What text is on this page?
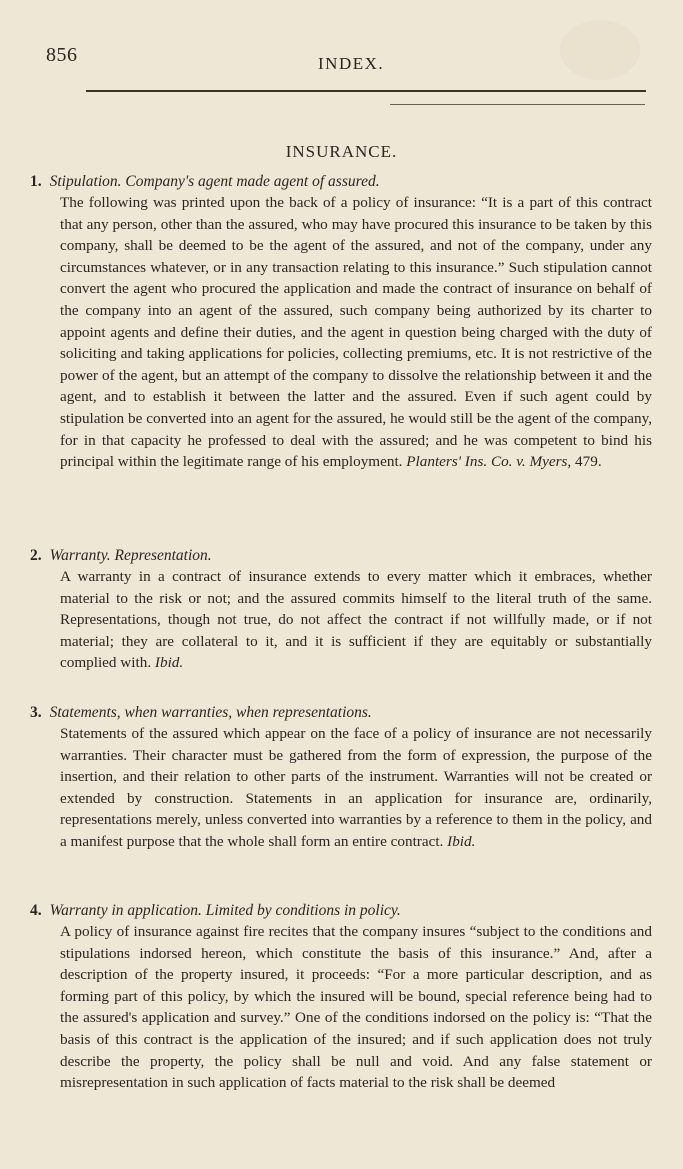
856	INDEX.
INSURANCE.
1. Stipulation. Company's agent made agent of assured.
The following was printed upon the back of a policy of insurance: “It is a part of this contract that any person, other than the assured, who may have procured this insurance to be taken by this company, shall be deemed to be the agent of the assured, and not of the company, under any circumstances whatever, or in any transaction relating to this insurance.” Such stipulation cannot convert the agent who procured the application and made the contract of insurance on behalf of the company into an agent of the assured, such company being authorized by its charter to appoint agents and define their duties, and the agent in question being charged with the duty of soliciting and taking applications for policies, collecting premiums, etc. It is not restrictive of the power of the agent, but an attempt of the company to dissolve the relationship between it and the agent, and to establish it between the latter and the assured. Even if such agent could by stipulation be converted into an agent for the assured, he would still be the agent of the company, for in that capacity he professed to deal with the assured; and he was competent to bind his principal within the legitimate range of his employment. Planters' Ins. Co. v. Myers, 479.
2. Warranty. Representation.
A warranty in a contract of insurance extends to every matter which it embraces, whether material to the risk or not; and the assured commits himself to the literal truth of the same. Representations, though not true, do not affect the contract if not willfully made, or if not material; they are collateral to it, and it is sufficient if they are equitably or substantially complied with. Ibid.
3. Statements, when warranties, when representations.
Statements of the assured which appear on the face of a policy of insurance are not necessarily warranties. Their character must be gathered from the form of expression, the purpose of the insertion, and their relation to other parts of the instrument. Warranties will not be created or extended by construction. Statements in an application for insurance are, ordinarily, representations merely, unless converted into warranties by a reference to them in the policy, and a manifest purpose that the whole shall form an entire contract. Ibid.
4. Warranty in application. Limited by conditions in policy.
A policy of insurance against fire recites that the company insures “subject to the conditions and stipulations indorsed hereon, which constitute the basis of this insurance.” And, after a description of the property insured, it proceeds: “For a more particular description, and as forming part of this policy, by which the insured will be bound, special reference being had to the assured's application and survey.” One of the conditions indorsed on the policy is: “That the basis of this contract is the application of the insured; and if such application does not truly describe the property, the policy shall be null and void. And any false statement or misrepresentation in such application of facts material to the risk shall be deemed
